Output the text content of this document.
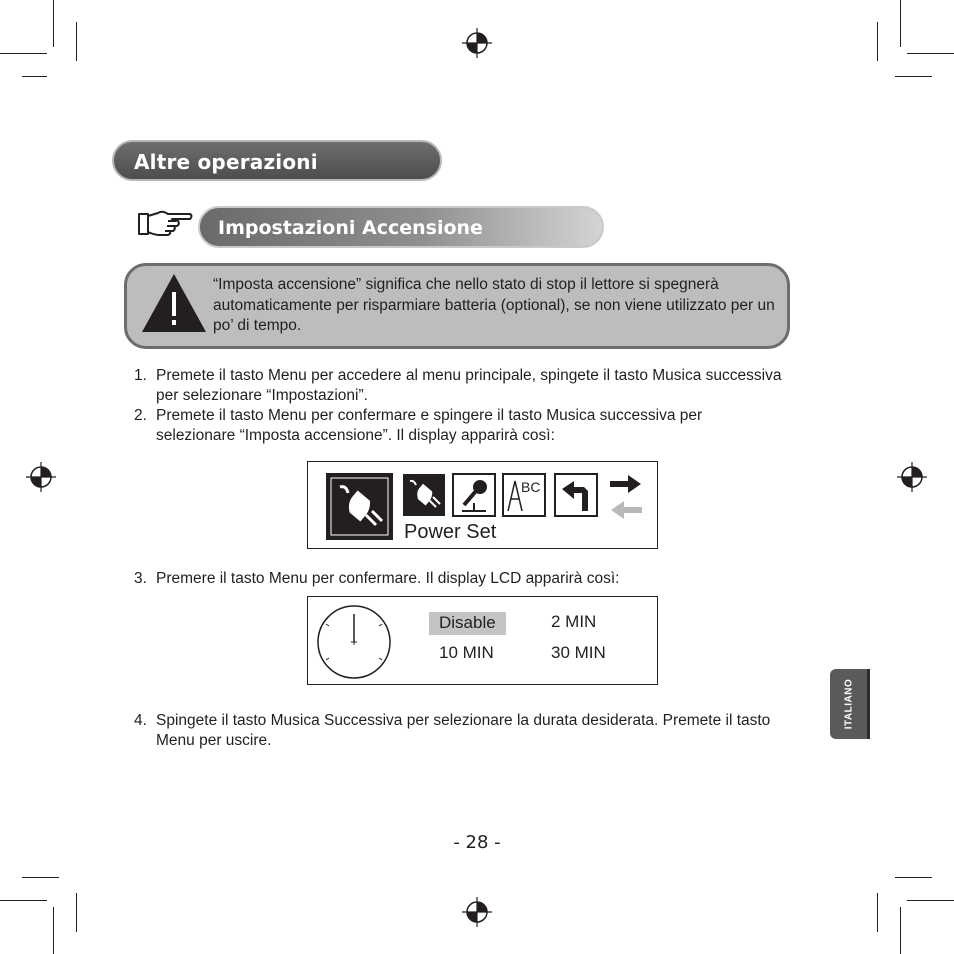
Altre operazioni
Impostazioni Accensione
“Imposta accensione” significa che nello stato di stop il lettore si spegnerà automaticamente per risparmiare batteria (optional), se non viene utilizzato per un po’ di tempo.
1. Premete il tasto Menu per accedere al menu principale, spingete il tasto Musica successiva per selezionare “Impostazioni”.
2. Premete il tasto Menu per confermare e spingere il tasto Musica successiva per selezionare “Imposta accensione”. Il display apparirà così:
BC
Power Set
3. Premere il tasto Menu per confermare. Il display LCD apparirà così:
Disable	2 MIN
10 MIN	30 MIN
4. Spingete il tasto Musica Successiva per selezionare la durata desiderata. Premete il tasto Menu per uscire.
ITALIANO
- 28 -
